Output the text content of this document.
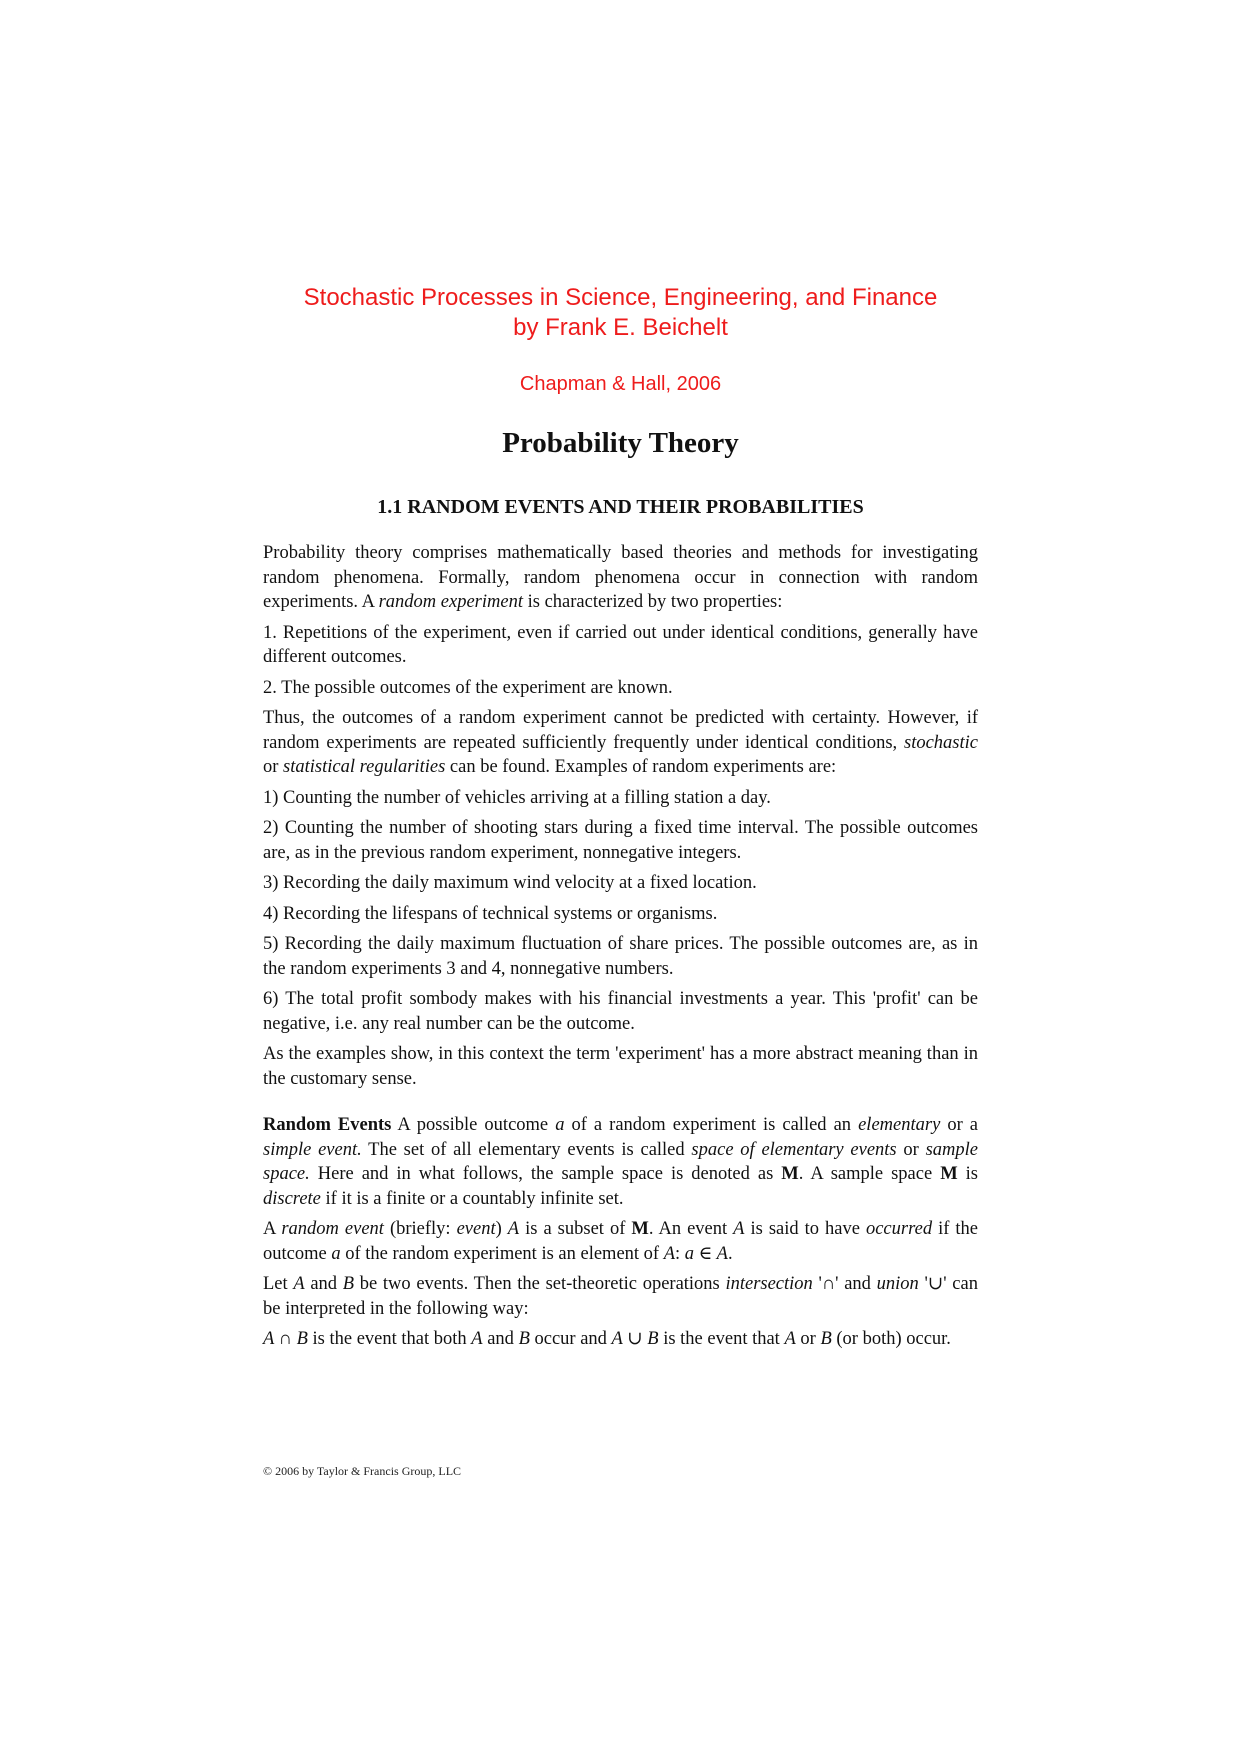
Stochastic Processes in Science, Engineering, and Finance
by Frank E. Beichelt
Chapman & Hall, 2006
Probability Theory
1.1 RANDOM EVENTS AND THEIR PROBABILITIES

Probability theory comprises mathematically based theories and methods for investigating random phenomena. Formally, random phenomena occur in connection with random experiments. A random experiment is characterized by two properties:

1. Repetitions of the experiment, even if carried out under identical conditions, generally have different outcomes.

2. The possible outcomes of the experiment are known.

Thus, the outcomes of a random experiment cannot be predicted with certainty. However, if random experiments are repeated sufficiently frequently under identical conditions, stochastic or statistical regularities can be found. Examples of random experiments are:

1) Counting the number of vehicles arriving at a filling station a day.

2) Counting the number of shooting stars during a fixed time interval. The possible outcomes are, as in the previous random experiment, nonnegative integers.

3) Recording the daily maximum wind velocity at a fixed location.

4) Recording the lifespans of technical systems or organisms.

5) Recording the daily maximum fluctuation of share prices. The possible outcomes are, as in the random experiments 3 and 4, nonnegative numbers.

6) The total profit sombody makes with his financial investments a year. This 'profit' can be negative, i.e. any real number can be the outcome.

As the examples show, in this context the term 'experiment' has a more abstract meaning than in the customary sense.

Random Events A possible outcome a of a random experiment is called an elementary or a simple event. The set of all elementary events is called space of elementary events or sample space. Here and in what follows, the sample space is denoted as M. A sample space M is discrete if it is a finite or a countably infinite set.

A random event (briefly: event) A is a subset of M. An event A is said to have occurred if the outcome a of the random experiment is an element of A: a ∈ A.

Let A and B be two events. Then the set-theoretic operations intersection '∩' and union '∪' can be interpreted in the following way:

A ∩ B is the event that both A and B occur and A ∪ B is the event that A or B (or both) occur.

© 2006 by Taylor & Francis Group, LLC
